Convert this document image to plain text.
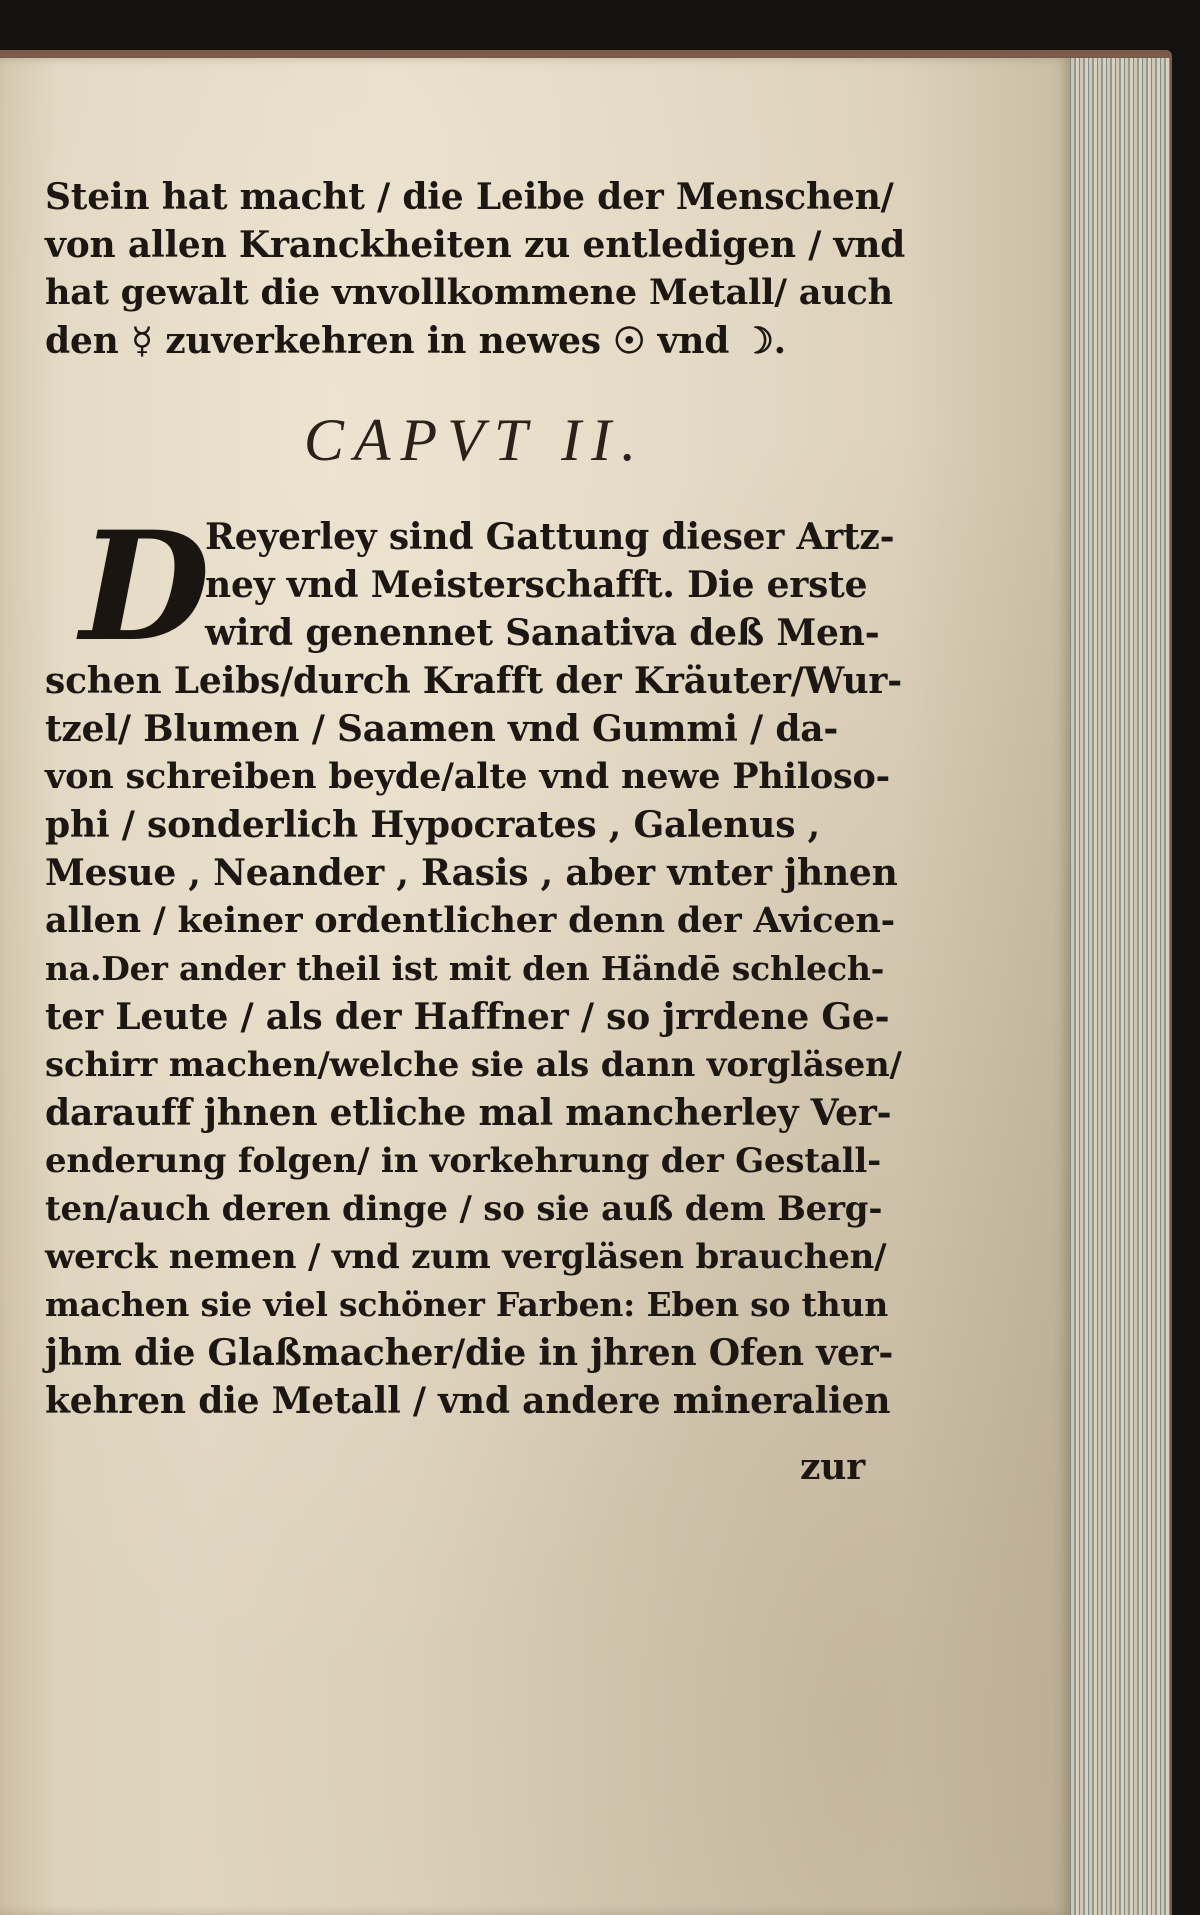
Stein hat macht / die Leibe der Menschen/
von allen Kranckheiten zu entledigen / vnd
hat gewalt die vnvollkommene Metall/ auch
den ☿ zuverkehren in newes ☉ vnd ☽.
CAPVT II.
D
Reyerley sind Gattung dieser Artz-
ney vnd Meisterschafft. Die erste
wird genennet Sanativa deß Men-
schen Leibs/durch Krafft der Kräuter/Wur-
tzel/ Blumen / Saamen vnd Gummi / da-
von schreiben beyde/alte vnd newe Philoso-
phi / sonderlich Hypocrates , Galenus ,
Mesue , Neander , Rasis , aber vnter jhnen
allen / keiner ordentlicher denn der Avicen-
na.Der ander theil ist mit den Händē schlech-
ter Leute / als der Haffner / so jrrdene Ge-
schirr machen/welche sie als dann vorgläsen/
darauff jhnen etliche mal mancherley Ver-
enderung folgen/ in vorkehrung der Gestall-
ten/auch deren dinge / so sie auß dem Berg-
werck nemen / vnd zum vergläsen brauchen/
machen sie viel schöner Farben: Eben so thun
jhm die Glaßmacher/die in jhren Ofen ver-
kehren die Metall / vnd andere mineralien
zur
